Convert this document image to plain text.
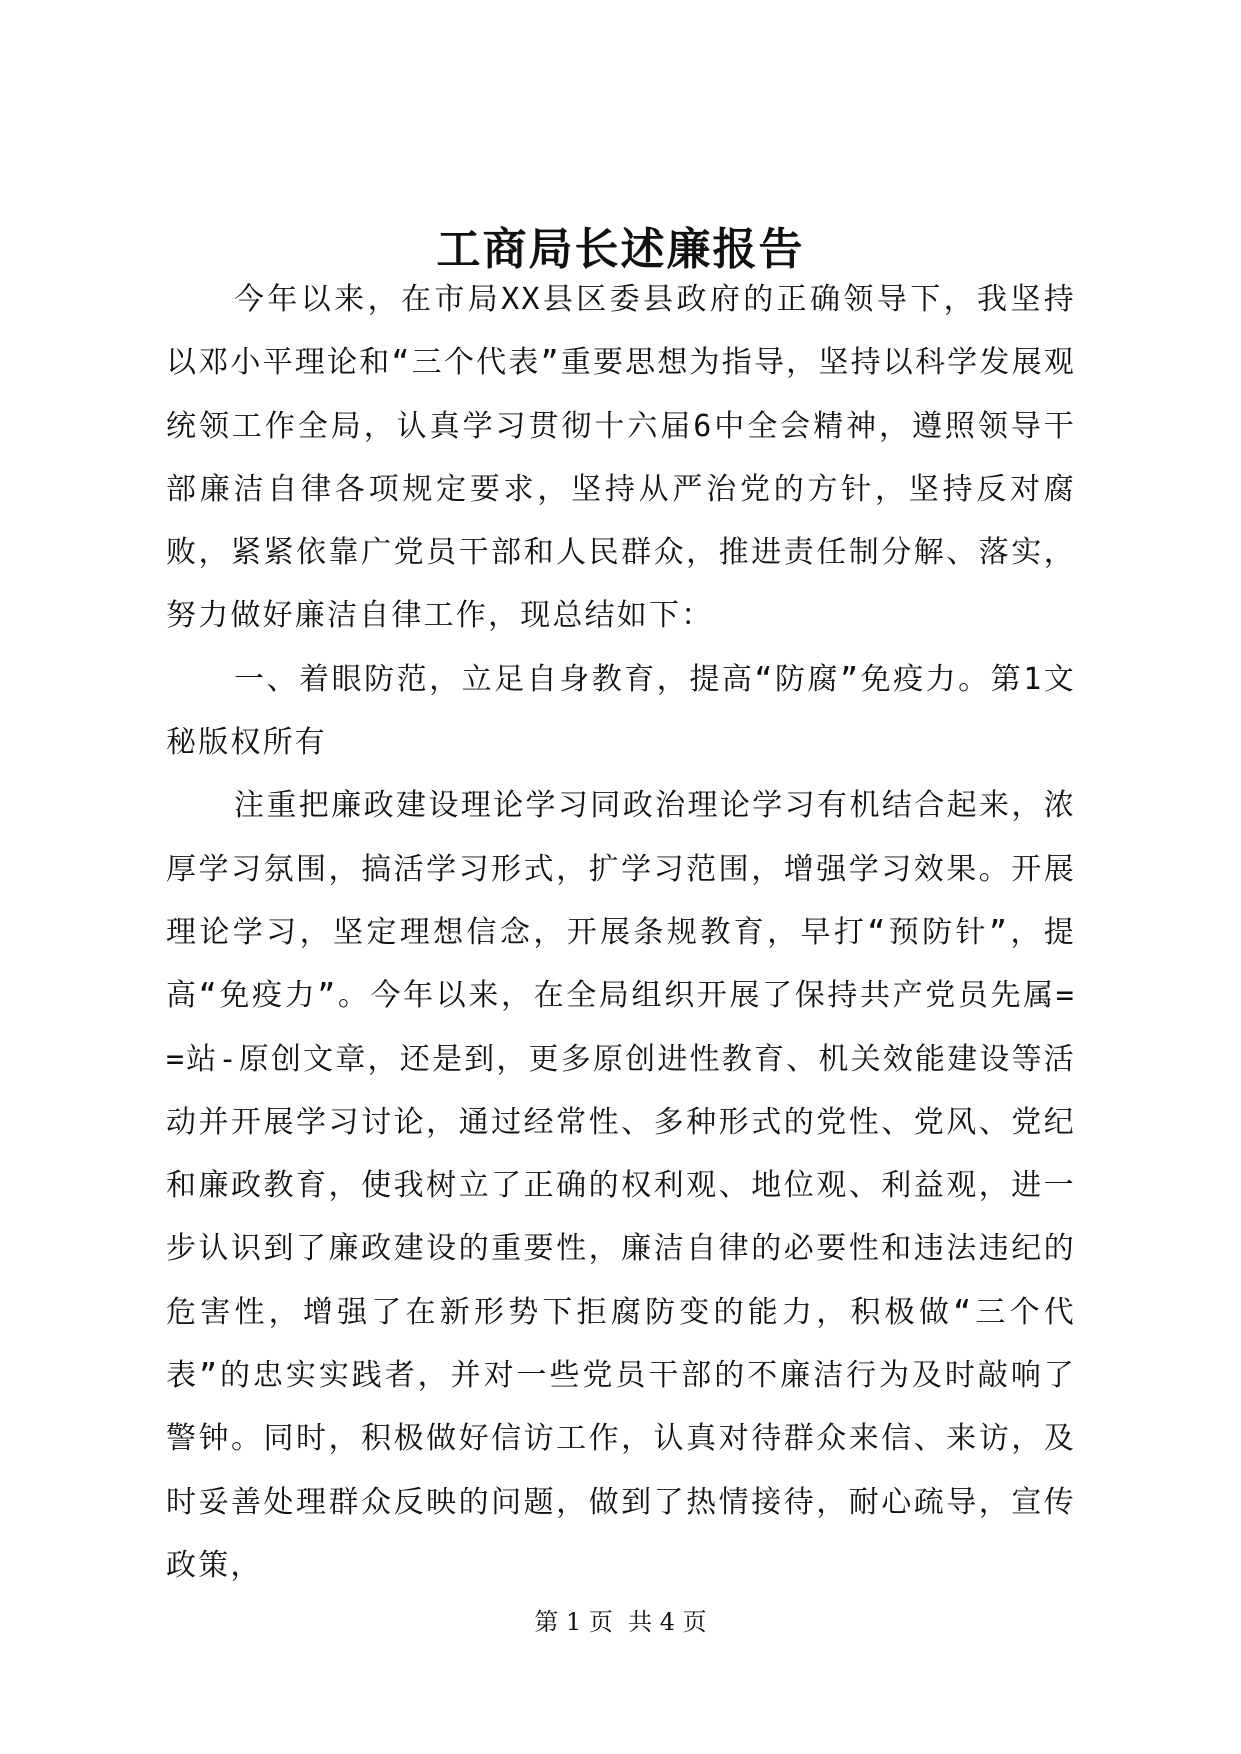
工商局长述廉报告

今年以来，在市局XX县区委县政府的正确领导下，我坚持以邓小平理论和“三个代表”重要思想为指导，坚持以科学发展观统领工作全局，认真学习贯彻十六届6中全会精神，遵照领导干部廉洁自律各项规定要求，坚持从严治党的方针，坚持反对腐败，紧紧依靠广党员干部和人民群众，推进责任制分解、落实，努力做好廉洁自律工作，现总结如下：

一、着眼防范，立足自身教育，提高“防腐”免疫力。第1文秘版权所有

注重把廉政建设理论学习同政治理论学习有机结合起来，浓厚学习氛围，搞活学习形式，扩学习范围，增强学习效果。开展理论学习，坚定理想信念，开展条规教育，早打“预防针”，提高“免疫力”。今年以来，在全局组织开展了保持共产党员先属==站-原创文章，还是到，更多原创进性教育、机关效能建设等活动并开展学习讨论，通过经常性、多种形式的党性、党风、党纪和廉政教育，使我树立了正确的权利观、地位观、利益观，进一步认识到了廉政建设的重要性，廉洁自律的必要性和违法违纪的危害性，增强了在新形势下拒腐防变的能力，积极做“三个代表”的忠实实践者，并对一些党员干部的不廉洁行为及时敲响了警钟。同时，积极做好信访工作，认真对待群众来信、来访，及时妥善处理群众反映的问题，做到了热情接待，耐心疏导，宣传政策，

第 1 页  共 4 页
